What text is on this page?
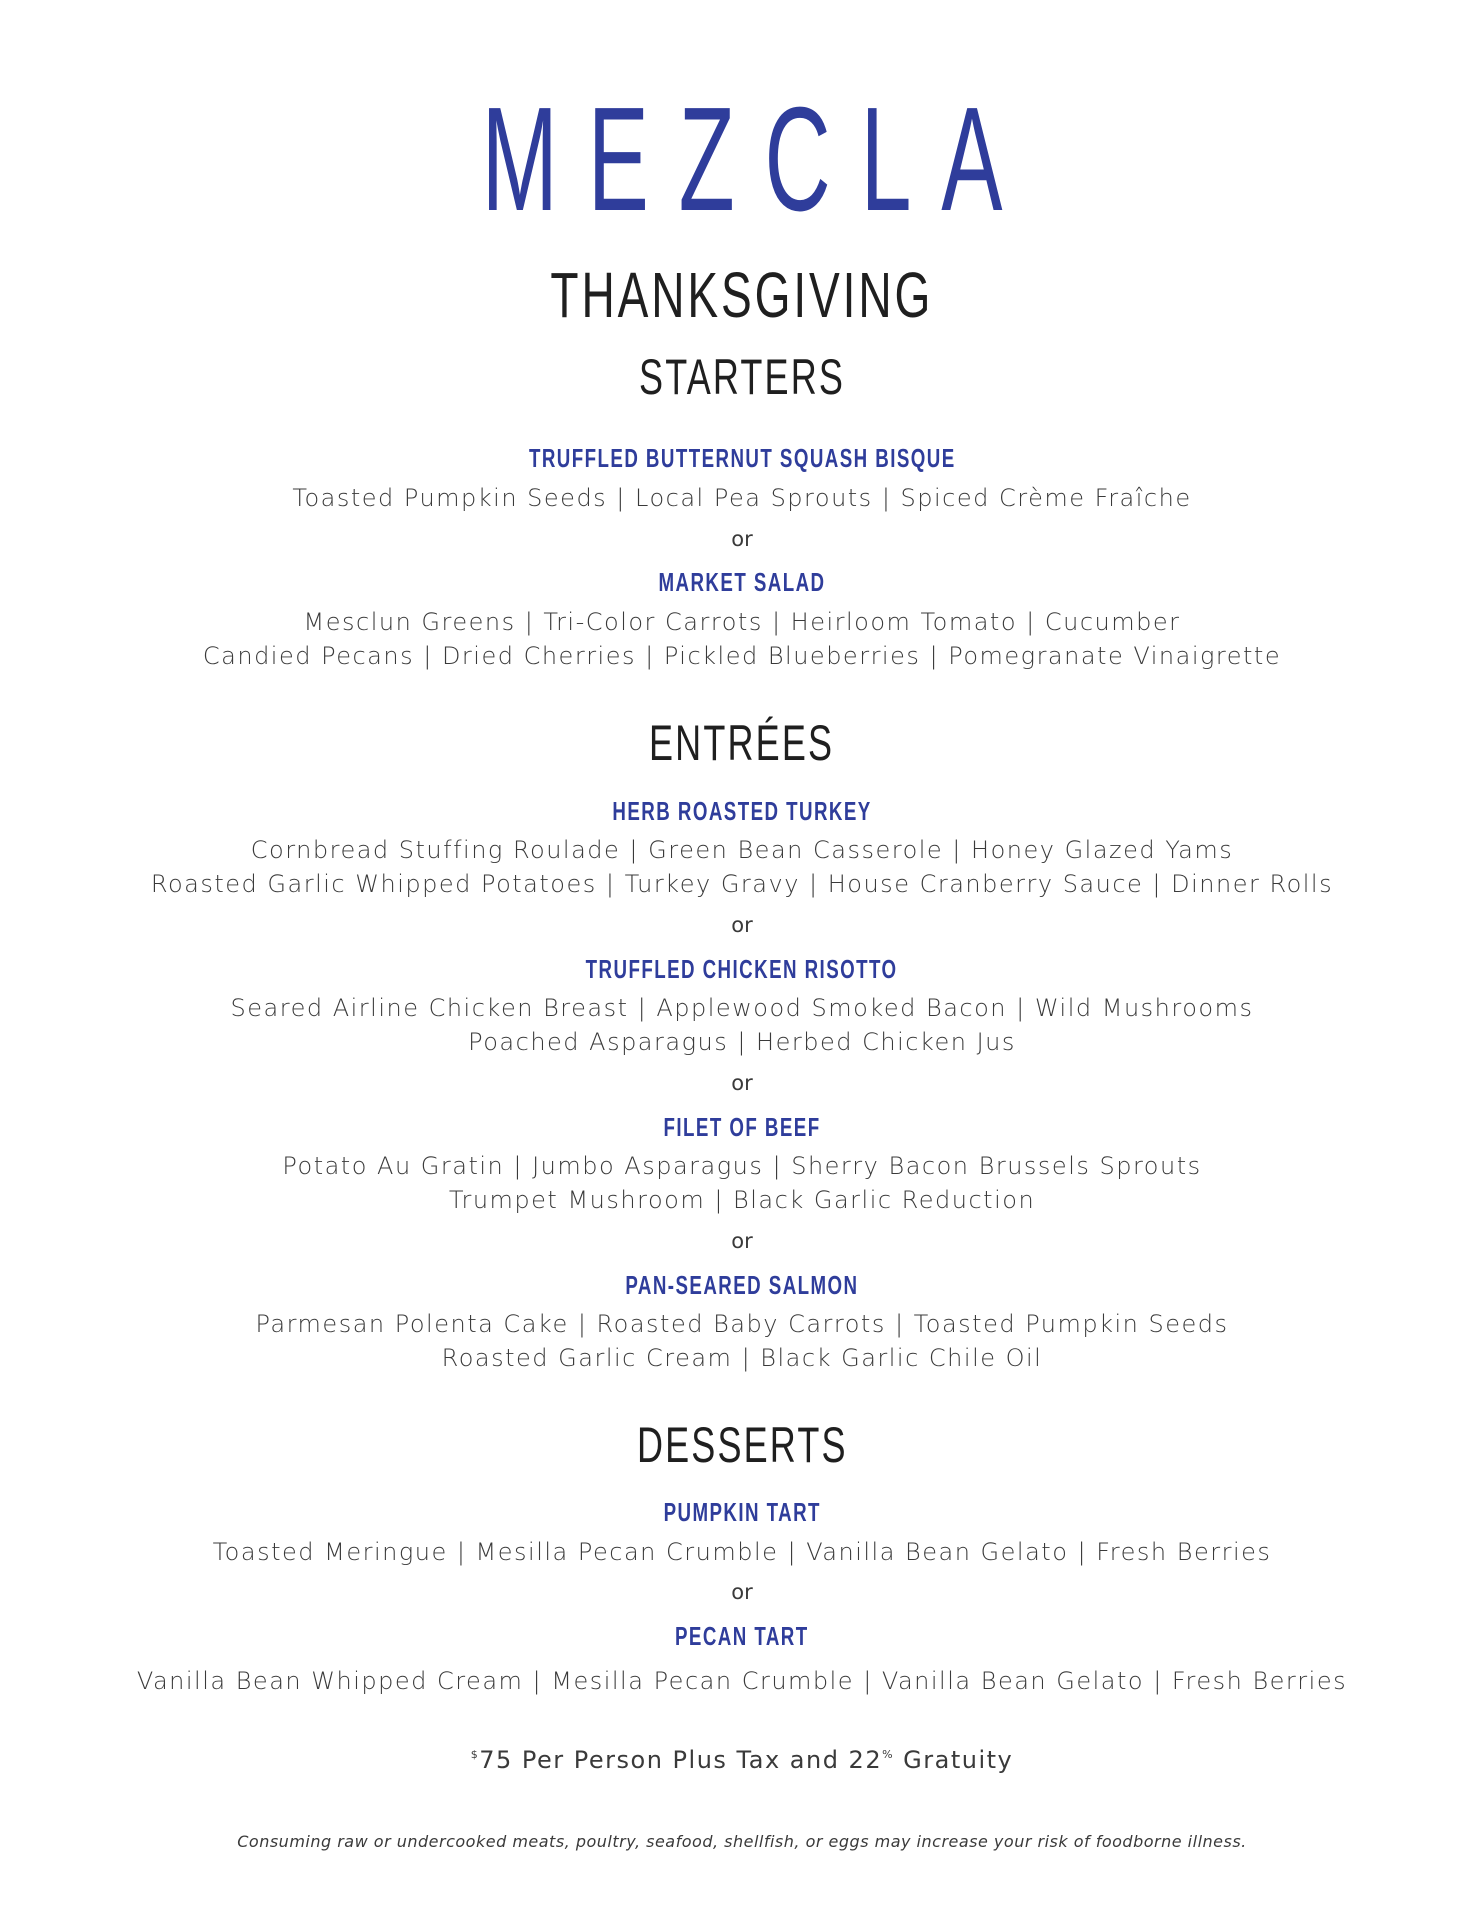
MEZCLA
THANKSGIVING
STARTERS
TRUFFLED BUTTERNUT SQUASH BISQUE
Toasted Pumpkin Seeds | Local Pea Sprouts | Spiced Crème Fraîche
or
MARKET SALAD
Mesclun Greens | Tri-Color Carrots | Heirloom Tomato | Cucumber
Candied Pecans | Dried Cherries | Pickled Blueberries | Pomegranate Vinaigrette
ENTRÉES
HERB ROASTED TURKEY
Cornbread Stuffing Roulade | Green Bean Casserole | Honey Glazed Yams
Roasted Garlic Whipped Potatoes | Turkey Gravy | House Cranberry Sauce | Dinner Rolls
or
TRUFFLED CHICKEN RISOTTO
Seared Airline Chicken Breast | Applewood Smoked Bacon | Wild Mushrooms
Poached Asparagus | Herbed Chicken Jus
or
FILET OF BEEF
Potato Au Gratin | Jumbo Asparagus | Sherry Bacon Brussels Sprouts
Trumpet Mushroom | Black Garlic Reduction
or
PAN-SEARED SALMON
Parmesan Polenta Cake | Roasted Baby Carrots | Toasted Pumpkin Seeds
Roasted Garlic Cream | Black Garlic Chile Oil
DESSERTS
PUMPKIN TART
Toasted Meringue | Mesilla Pecan Crumble | Vanilla Bean Gelato | Fresh Berries
or
PECAN TART
Vanilla Bean Whipped Cream | Mesilla Pecan Crumble | Vanilla Bean Gelato | Fresh Berries
$75 Per Person Plus Tax and 22% Gratuity
Consuming raw or undercooked meats, poultry, seafood, shellfish, or eggs may increase your risk of foodborne illness.
